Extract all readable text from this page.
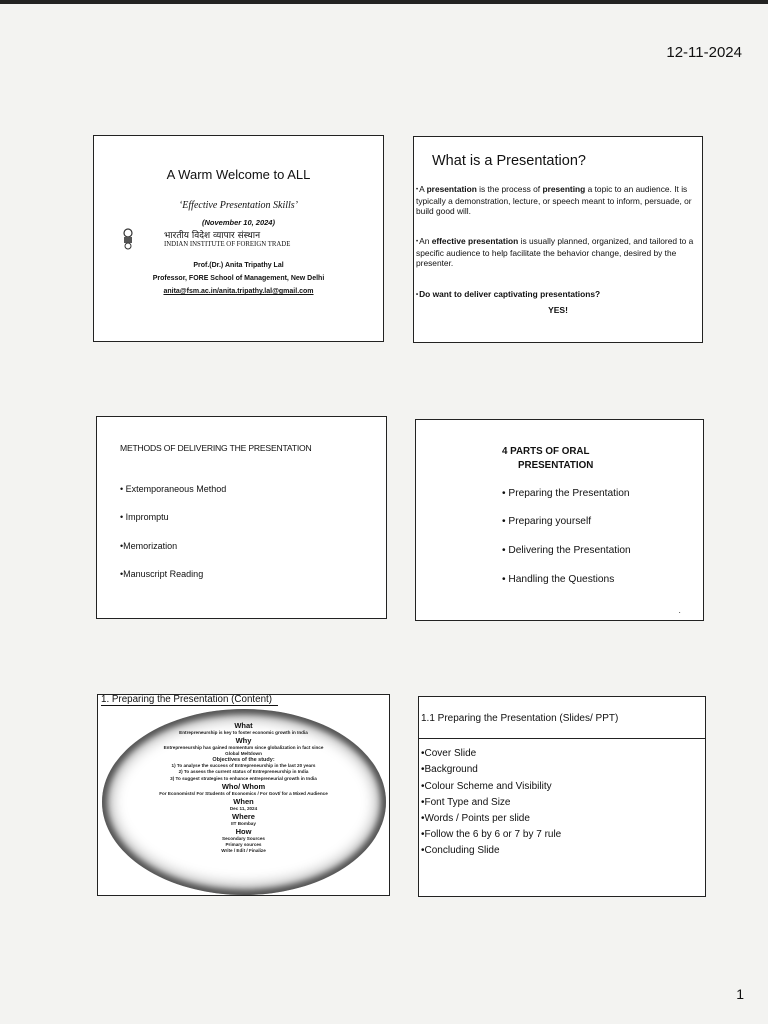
12-11-2024
A Warm Welcome to ALL
‘Effective Presentation Skills’
(November 10, 2024)
भारतीय विदेश व्यापार संस्थान
INDIAN INSTITUTE OF FOREIGN TRADE
Prof.(Dr.) Anita Tripathy Lal
Professor, FORE School of Management, New Delhi
anita@fsm.ac.in/anita.tripathy.lal@gmail.com
What is a Presentation?
•A presentation is the process of presenting a topic to an audience. It is typically a demonstration, lecture, or speech meant to inform, persuade, or build good will.
•An effective presentation is usually planned, organized, and tailored to a specific audience to help facilitate the behavior change, desired by the presenter.
•Do want to deliver captivating presentations?
YES!
METHODS OF DELIVERING THE PRESENTATION
• Extemporaneous Method
• Impromptu
•Memorization
•Manuscript Reading
4 PARTS OF ORAL
PRESENTATION
• Preparing the Presentation
• Preparing yourself
• Delivering the Presentation
• Handling the Questions
·
1. Preparing the Presentation (Content)
What
Entrepreneurship is key to foster economic growth in India
Why
Entrepreneurship has gained momentum since globalization in fact since
Global Meltdown
Objectives of the study:
1) To analyse the success of Entrepreneurship in the last 20 years
2) To assess the current status of Entrepreneurship in India
3) To suggest strategies to enhance entrepreneurial growth in India
Who/ Whom
For Economists/ For Students of Economics / For Govt/ for a Mixed Audience
When
Dec 11, 2024
Where
IIT Bombay
How
Secondary Sources
Primary sources
Write / Edit / Finalize
1.1 Preparing the Presentation (Slides/ PPT)
•Cover Slide
•Background
•Colour Scheme and Visibility
•Font Type and Size
•Words / Points per slide
•Follow the 6 by 6 or 7 by 7 rule
•Concluding Slide
1
